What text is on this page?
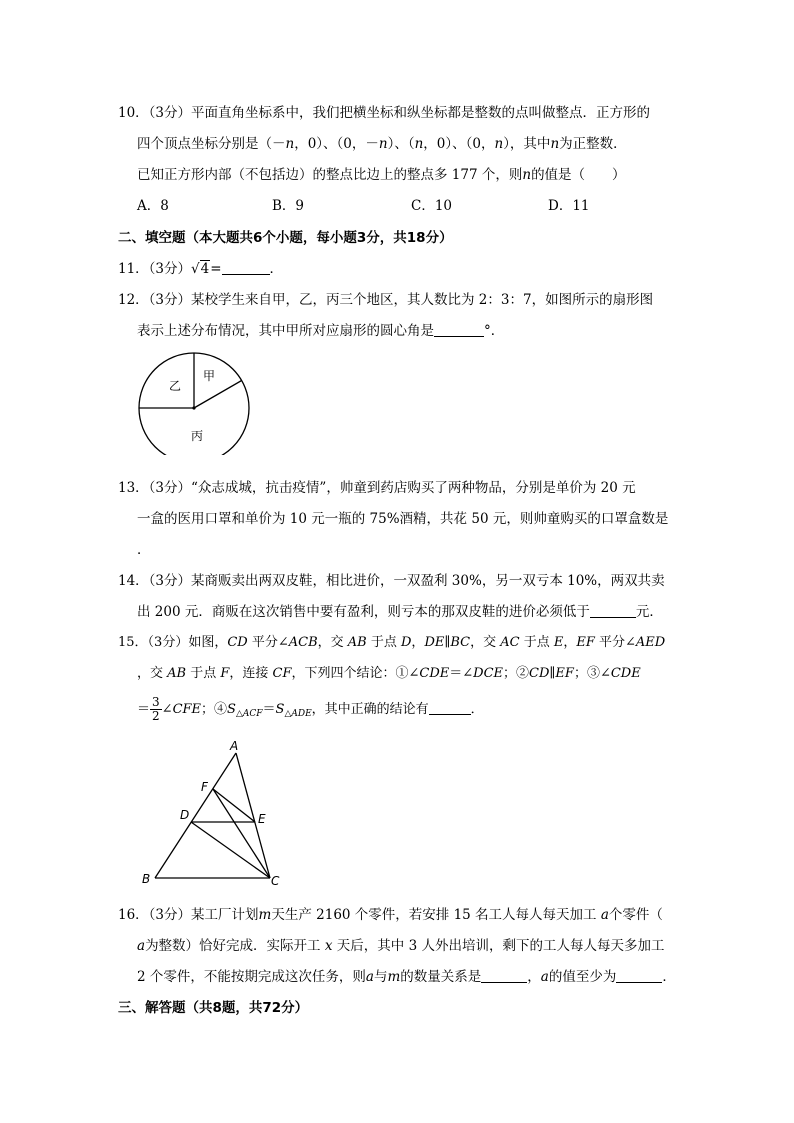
10．（3分）平面直角坐标系中，我们把横坐标和纵坐标都是整数的点叫做整点．正方形的
四个顶点坐标分别是（－n，0）、（0，－n）、（n，0）、（0，n），其中n为正整数．
已知正方形内部（不包括边）的整点比边上的整点多 177 个，则n的值是（　　）
A．8	B．9	C．10	D．11
二、填空题（本大题共6个小题，每小题3分，共18分）
11．（3分）√4=	．
12．（3分）某校学生来自甲，乙，丙三个地区，其人数比为 2：3：7，如图所示的扇形图
表示上述分布情况，其中甲所对应扇形的圆心角是	°．
甲
乙
丙
13．（3分）“众志成城，抗击疫情”，帅童到药店购买了两种物品，分别是单价为 20 元
一盒的医用口罩和单价为 10 元一瓶的 75%酒精，共花 50 元，则帅童购买的口罩盒数是
．
14．（3分）某商贩卖出两双皮鞋，相比进价，一双盈利 30%，另一双亏本 10%，两双共卖
出 200 元．商贩在这次销售中要有盈利，则亏本的那双皮鞋的进价必须低于	元．
15．（3分）如图，CD 平分∠ACB，交 AB 于点 D，DE∥BC，交 AC 于点 E，EF 平分∠AED
，交 AB 于点 F，连接 CF，下列四个结论：①∠CDE＝∠DCE；②CD∥EF；③∠CDE
＝ $\frac{3}{2}$ ∠CFE；$④S_{\triangle ACF}=S_{\triangle ADE}$，其中正确的结论有	．
A
B	C
D	E
F
16．（3分）某工厂计划m天生产 2160 个零件，若安排 15 名工人每人每天加工 a个零件（
a为整数）恰好完成．实际开工 x 天后，其中 3 人外出培训，剩下的工人每人每天多加工
2 个零件，不能按期完成这次任务，则a与m的数量关系是	，a的值至少为	．
三、解答题（共8题，共72分）
